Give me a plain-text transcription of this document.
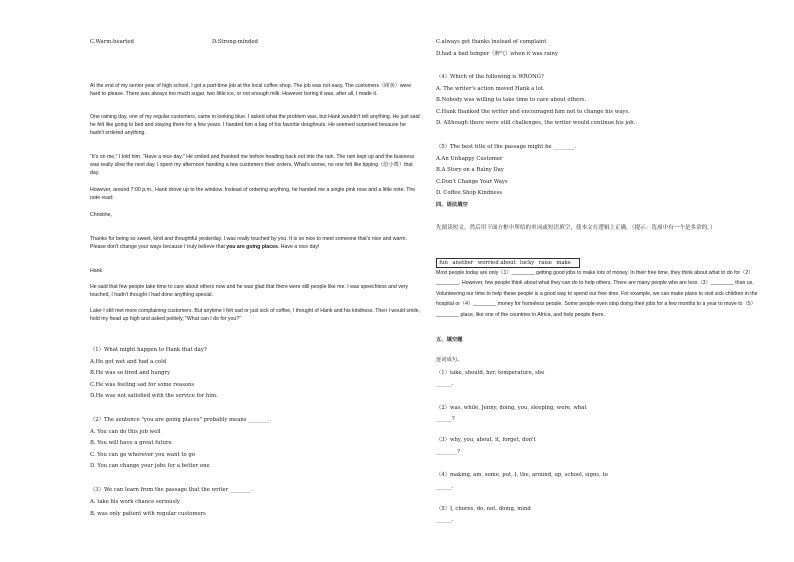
C.Warm-hearted	D.Strong-minded
At the end of my senior year of high school, I got a part-time job at the local coffee shop. The job was not easy. The customers（顾客）were hard to please. There was always too much sugar, two little ice, or not enough milk. However boring it was, after all, I made it.
One raining day, one of my regular customers, came in looking blue. I asked what the problem was, but Hank wouldn't tell anything. He just said he felt like going to bed and staying there for a few years. I handed him a bag of his favorite doughnuts. He seemed surprised because he hadn't ordered anything.
"It's on me," I told him. "Have a nice day." He smiled and thanked me before heading back out into the rain. The rain kept up and the business was really slow the next day. I spent my afternoon handing a few customers their orders. What's worse, no one felt like tipping（给小费）that day.
However, around 7:00 p.m., Hank drove up to the window. Instead of ordering anything, he handed me a single pink rose and a little note. The note read:
Christine,
Thanks for being so sweet, kind and thoughtful yesterday. I was really touched by you. It is so nice to meet someone that's nice and warm. Please don't change your ways because I truly believe that you are going places. Have a nice day!
Hank
He said that few people take time to care about others now and he was glad that there were still people like me. I was speechless and very touched, I hadn't thought I had done anything special.
Later I still met more complaining customers. But anytime I felt sad or just sick of coffee, I thought of Hank and his kindness. Then I would smile, hold my head up high and asked politely, "What can I do for you?"
（1）What might happen to Hank that day?
A.He got wet and had a cold
B.He was so tired and hungry
C.He was feeling sad for some reasons
D.He was not satisfied with the service for him.
（2）The sentence "you are going places" probably means ________.
A. You can do this job well
B. You will have a great future
C. You can go wherever you want to go
D. You can change your jobs for a better one
（3）We can learn from the passage that the writer ________.
A. take his work chance seriously
B. was only patient with regular customers
C.always get thanks instead of complaint
D.had a bad temper（脾气）when it was rainy
（4）Which of the following is WRONG?
A. The writer's action moved Hank a lot.
B.Nobody was willing to take time to care about others.
C.Hank thanked the writer and encouraged him not to change his ways.
D. Although there were still challenges, the writer would continue his job.
（5）The best title of the passage might be ________.
A.An Unhappy Customer
B.A Story on a Rainy Day
C.Don't Change Your Ways
D. Coffee Shop Kindness
四、语法填空
先阅读短文，然后用下面方框中所给的单词或短语填空，使本文在逻辑上正确。（提示：选项中有一个是多余的。）
fun another worried about lucky raise make
Most people today are only（1）________ getting good jobs to make lots of money. In their free time, they think about what to do for（2）________. However, few people think about what they can do to help others. There are many people who are less（3）________ than us. Volunteering our time to help these people is a good way to spend our free time. For example, we can make plans to visit sick children in the hospital or（4）________ money for homeless people. Some people even stop doing their jobs for a few months to a year to move to（5）________ place, like one of the countries in Africa, and help people there.
五、填空题
连词成句。
（1）take, should, her, temperature, she
______.
（2）was, while, Jenny, doing, you, sleeping, were, what
______?
（3）why, you, about, it, forget, don't
________?
（4）making, am, some, put, I, the, around, up, school, signs, to
______.
（5）I, chores, do, not, doing, mind
______.
